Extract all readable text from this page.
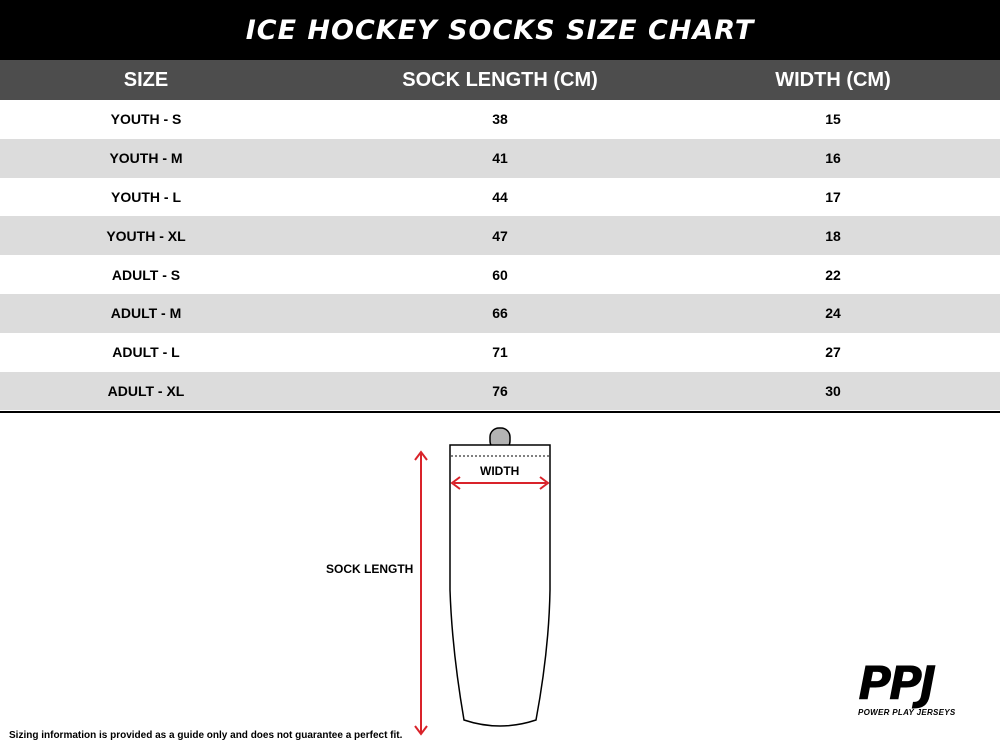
ICE HOCKEY SOCKS SIZE CHART
SIZE	SOCK LENGTH (CM)	WIDTH (CM)
YOUTH - S	38	15
YOUTH - M	41	16
YOUTH - L	44	17
YOUTH - XL	47	18
ADULT - S	60	22
ADULT - M	66	24
ADULT - L	71	27
ADULT - XL	76	30
WIDTH
SOCK LENGTH
PPJ
POWER PLAY JERSEYS
Sizing information is provided as a guide only and does not guarantee a perfect fit.
